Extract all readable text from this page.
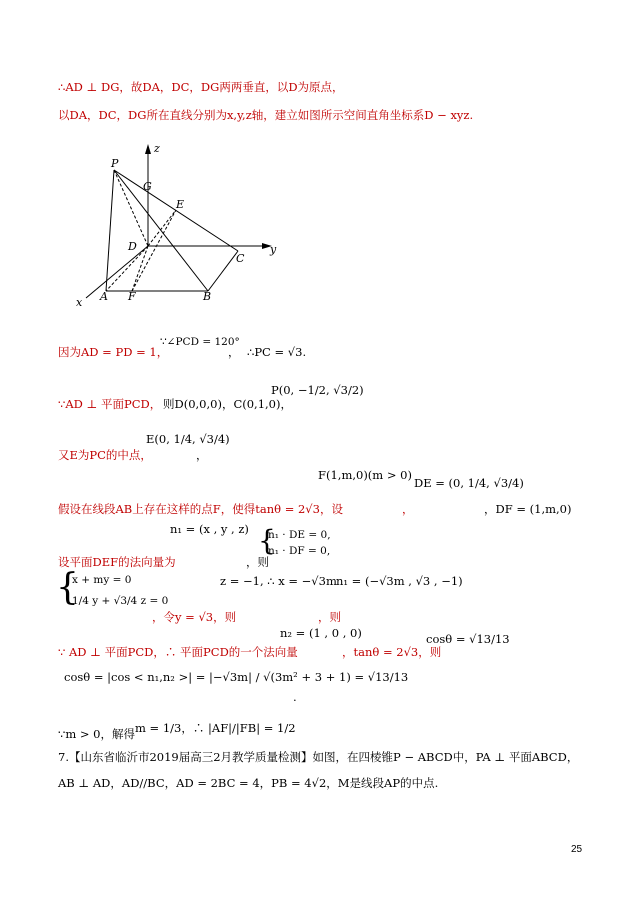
∴AD ⊥ DG，故DA，DC，DG两两垂直，以D为原点，
以DA，DC，DG所在直线分别为x,y,z轴，建立如图所示空间直角坐标系D − xyz.
P
z
G
E
D
C
y
A F	B
x
因为AD = PD = 1，
∵∠PCD = 120°
， ∴PC = √3.
∵AD ⊥ 平面PCD， 则D(0,0,0)，C(0,1,0)，
P(0, −1/2, √3/2)
又E为PC的中点，
E(0, 1/4, √3/4)
，
F(1,m,0)(m > 0)
DE = (0, 1/4, √3/4)
假设在线段AB上存在这样的点F，使得tanθ = 2√3，设	，	，DF = (1,m,0)
n₁ = (x , y , z) n₁ · DE = 0,
n₁ · DF = 0,
{
设平面DEF的法向量为	，则
{
x + my = 0
1/4 y + √3/4 z = 0
z = −1, ∴ x = −√3m n₁ = (−√3m , √3 , −1)
，令y = √3，则	，则
n₂ = (1 , 0 , 0)	cosθ = √13/13
∵ AD ⊥ 平面PCD，∴ 平面PCD的一个法向量	，tanθ = 2√3，则
cosθ = |cos < n₁,n₂ >| = |−√3m| / √(3m² + 3 + 1) = √13/13
.
∵m > 0，解得 m = 1/3，∴ |AF|/|FB| = 1/2
7.【山东省临沂市2019届高三2月教学质量检测】如图，在四棱锥P − ABCD中，PA ⊥ 平面ABCD，
AB ⊥ AD，AD//BC，AD = 2BC = 4，PB = 4√2，M是线段AP的中点.
25
